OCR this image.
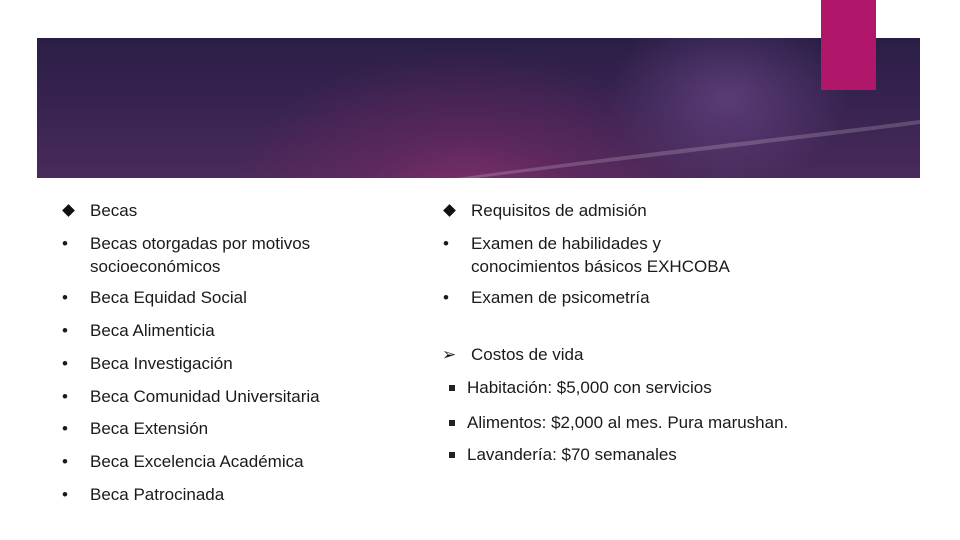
Becas
• Becas otorgadas por motivos
socioeconómicos
• Beca Equidad Social
• Beca Alimenticia
• Beca Investigación
• Beca Comunidad Universitaria
• Beca Extensión
• Beca Excelencia Académica
• Beca Patrocinada
Requisitos de admisión
• Examen de habilidades y
conocimientos básicos EXHCOBA
• Examen de psicometría
➢ Costos de vida
Habitación: $5,000 con servicios
Alimentos: $2,000 al mes. Pura marushan.
Lavandería: $70 semanales
